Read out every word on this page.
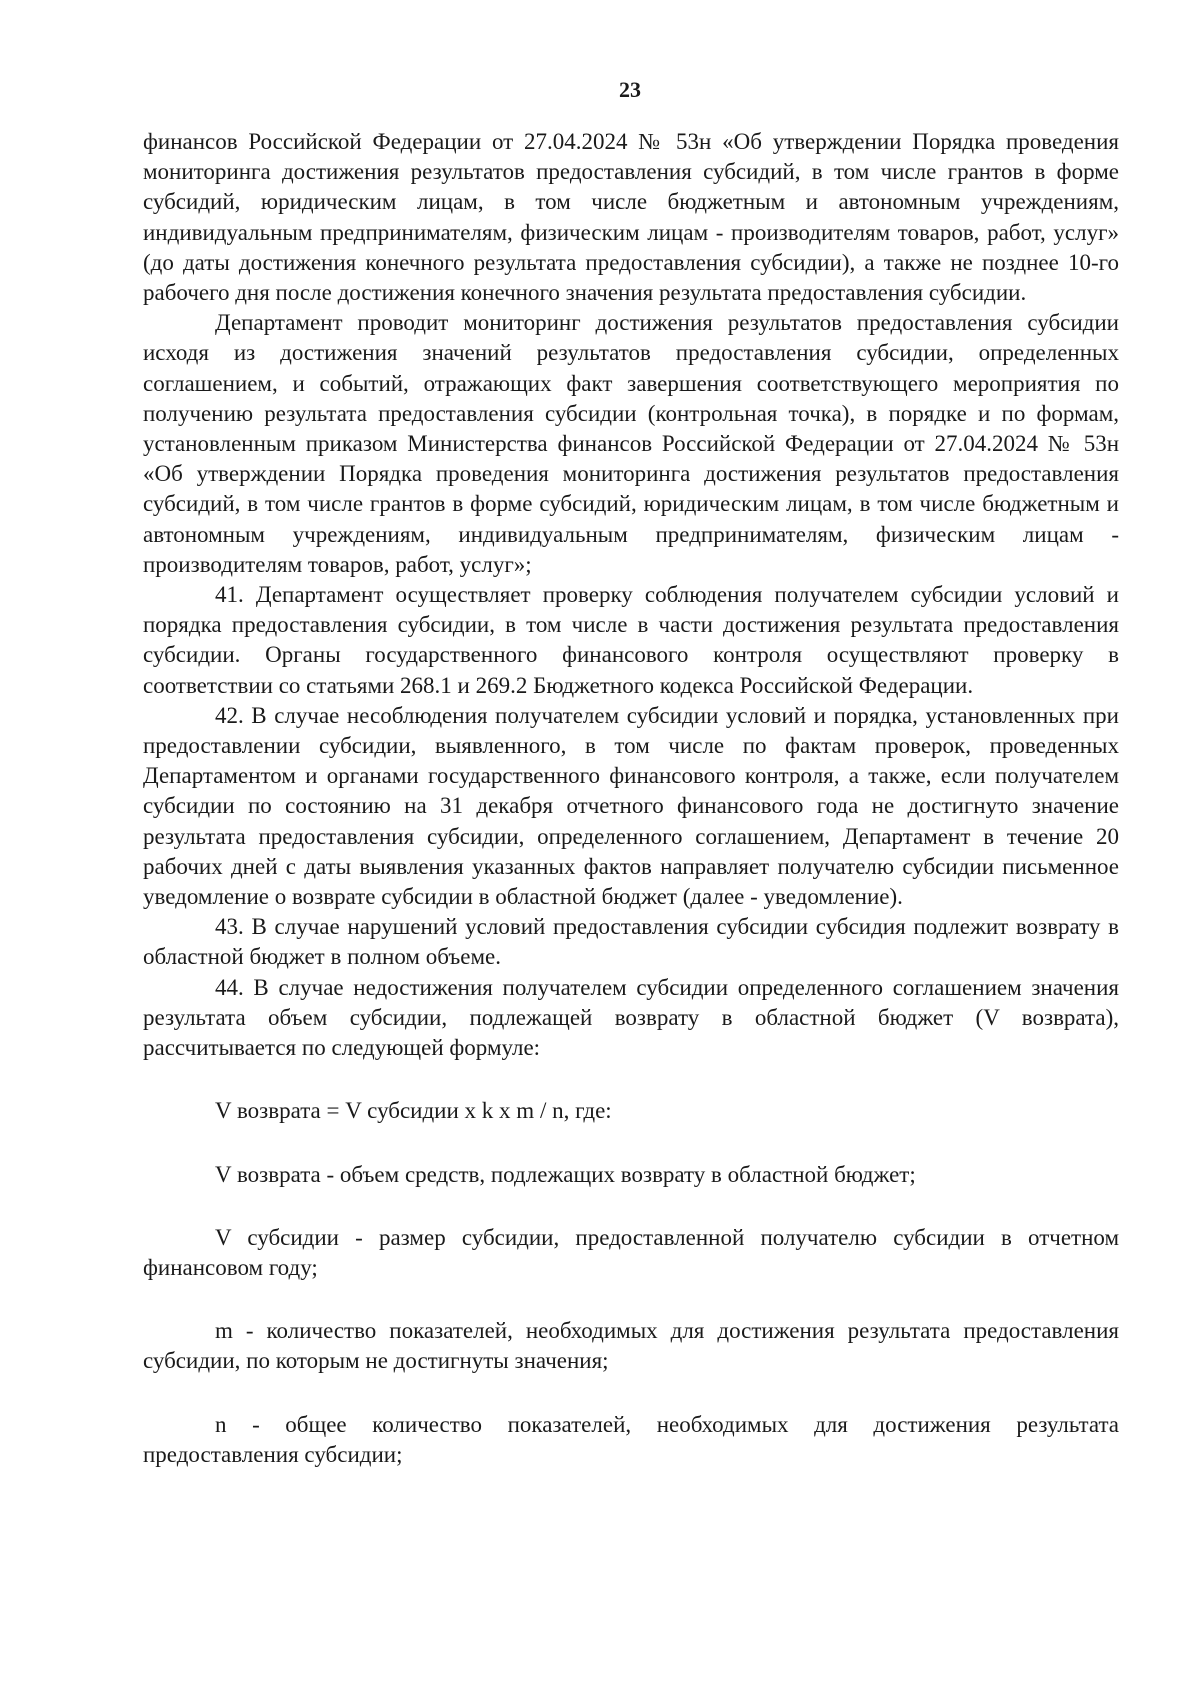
23

финансов Российской Федерации от 27.04.2024 № 53н «Об утверждении Порядка проведения мониторинга достижения результатов предоставления субсидий, в том числе грантов в форме субсидий, юридическим лицам, в том числе бюджетным и автономным учреждениям, индивидуальным предпринимателям, физическим лицам - производителям товаров, работ, услуг» (до даты достижения конечного результата предоставления субсидии), а также не позднее 10-го рабочего дня после достижения конечного значения результата предоставления субсидии.

Департамент проводит мониторинг достижения результатов предоставления субсидии исходя из достижения значений результатов предоставления субсидии, определенных соглашением, и событий, отражающих факт завершения соответствующего мероприятия по получению результата предоставления субсидии (контрольная точка), в порядке и по формам, установленным приказом Министерства финансов Российской Федерации от 27.04.2024 № 53н «Об утверждении Порядка проведения мониторинга достижения результатов предоставления субсидий, в том числе грантов в форме субсидий, юридическим лицам, в том числе бюджетным и автономным учреждениям, индивидуальным предпринимателям, физическим лицам - производителям товаров, работ, услуг»;

41. Департамент осуществляет проверку соблюдения получателем субсидии условий и порядка предоставления субсидии, в том числе в части достижения результата предоставления субсидии. Органы государственного финансового контроля осуществляют проверку в соответствии со статьями 268.1 и 269.2 Бюджетного кодекса Российской Федерации.

42. В случае несоблюдения получателем субсидии условий и порядка, установленных при предоставлении субсидии, выявленного, в том числе по фактам проверок, проведенных Департаментом и органами государственного финансового контроля, а также, если получателем субсидии по состоянию на 31 декабря отчетного финансового года не достигнуто значение результата предоставления субсидии, определенного соглашением, Департамент в течение 20 рабочих дней с даты выявления указанных фактов направляет получателю субсидии письменное уведомление о возврате субсидии в областной бюджет (далее - уведомление).

43. В случае нарушений условий предоставления субсидии субсидия подлежит возврату в областной бюджет в полном объеме.

44. В случае недостижения получателем субсидии определенного соглашением значения результата объем субсидии, подлежащей возврату в областной бюджет (V возврата), рассчитывается по следующей формуле:

V возврата = V субсидии x k x m / n, где:

V возврата - объем средств, подлежащих возврату в областной бюджет;

V субсидии - размер субсидии, предоставленной получателю субсидии в отчетном финансовом году;

m - количество показателей, необходимых для достижения результата предоставления субсидии, по которым не достигнуты значения;

n - общее количество показателей, необходимых для достижения результата предоставления субсидии;
